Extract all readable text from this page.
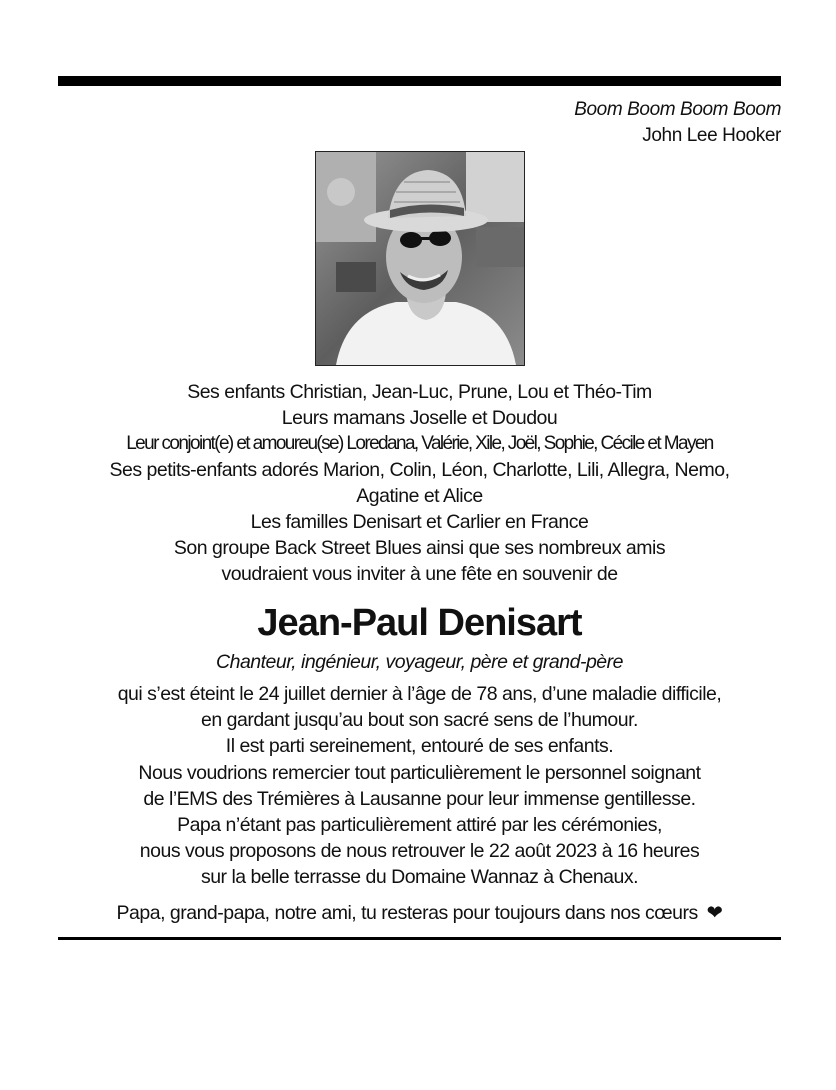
Boom Boom Boom Boom
John Lee Hooker
Ses enfants Christian, Jean-Luc, Prune, Lou et Théo-Tim
Leurs mamans Joselle et Doudou
Leur conjoint(e) et amoureu(se) Loredana, Valérie, Xile, Joël, Sophie, Cécile et Mayen
Ses petits-enfants adorés Marion, Colin, Léon, Charlotte, Lili, Allegra, Nemo,
Agatine et Alice
Les familles Denisart et Carlier en France
Son groupe Back Street Blues ainsi que ses nombreux amis
voudraient vous inviter à une fête en souvenir de
Jean-Paul Denisart
Chanteur, ingénieur, voyageur, père et grand-père
qui s’est éteint le 24 juillet dernier à l’âge de 78 ans, d’une maladie difficile,
en gardant jusqu’au bout son sacré sens de l’humour.
Il est parti sereinement, entouré de ses enfants.
Nous voudrions remercier tout particulièrement le personnel soignant
de l’EMS des Trémières à Lausanne pour leur immense gentillesse.
Papa n’étant pas particulièrement attiré par les cérémonies,
nous vous proposons de nous retrouver le 22 août 2023 à 16 heures
sur la belle terrasse du Domaine Wannaz à Chenaux.
Papa, grand-papa, notre ami, tu resteras pour toujours dans nos cœurs ❤
